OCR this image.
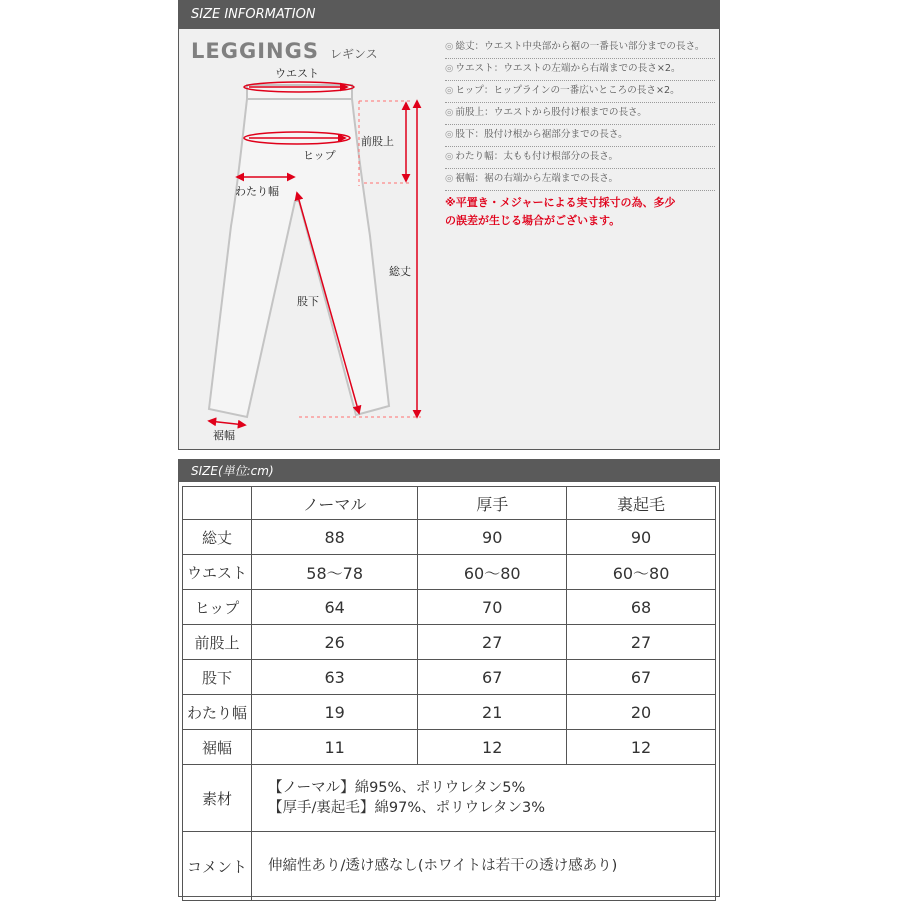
SIZE INFORMATION
LEGGINGS レギンス
ウエスト
ヒップ
わたり幅
股下
前股上
総丈
裾幅
◎ 総丈：ウエスト中央部から裾の一番長い部分までの長さ。
◎ ウエスト：ウエストの左端から右端までの長さ×2。
◎ ヒップ：ヒップラインの一番広いところの長さ×2。
◎ 前股上：ウエストから股付け根までの長さ。
◎ 股下：股付け根から裾部分までの長さ。
◎ わたり幅：太もも付け根部分の長さ。
◎ 裾幅：裾の右端から左端までの長さ。
※平置き・メジャーによる実寸採寸の為、多少
の誤差が生じる場合がございます。
SIZE(単位:cm)
	ノーマル	厚手	裏起毛
総丈	88	90	90
ウエスト	58〜78	60〜80	60〜80
ヒップ	64	70	68
前股上	26	27	27
股下	63	67	67
わたり幅	19	21	20
裾幅	11	12	12
素材	【ノーマル】綿95%、ポリウレタン5%
【厚手/裏起毛】綿97%、ポリウレタン3%		

コメント	伸縮性あり/透け感なし(ホワイトは若干の透け感あり)		
